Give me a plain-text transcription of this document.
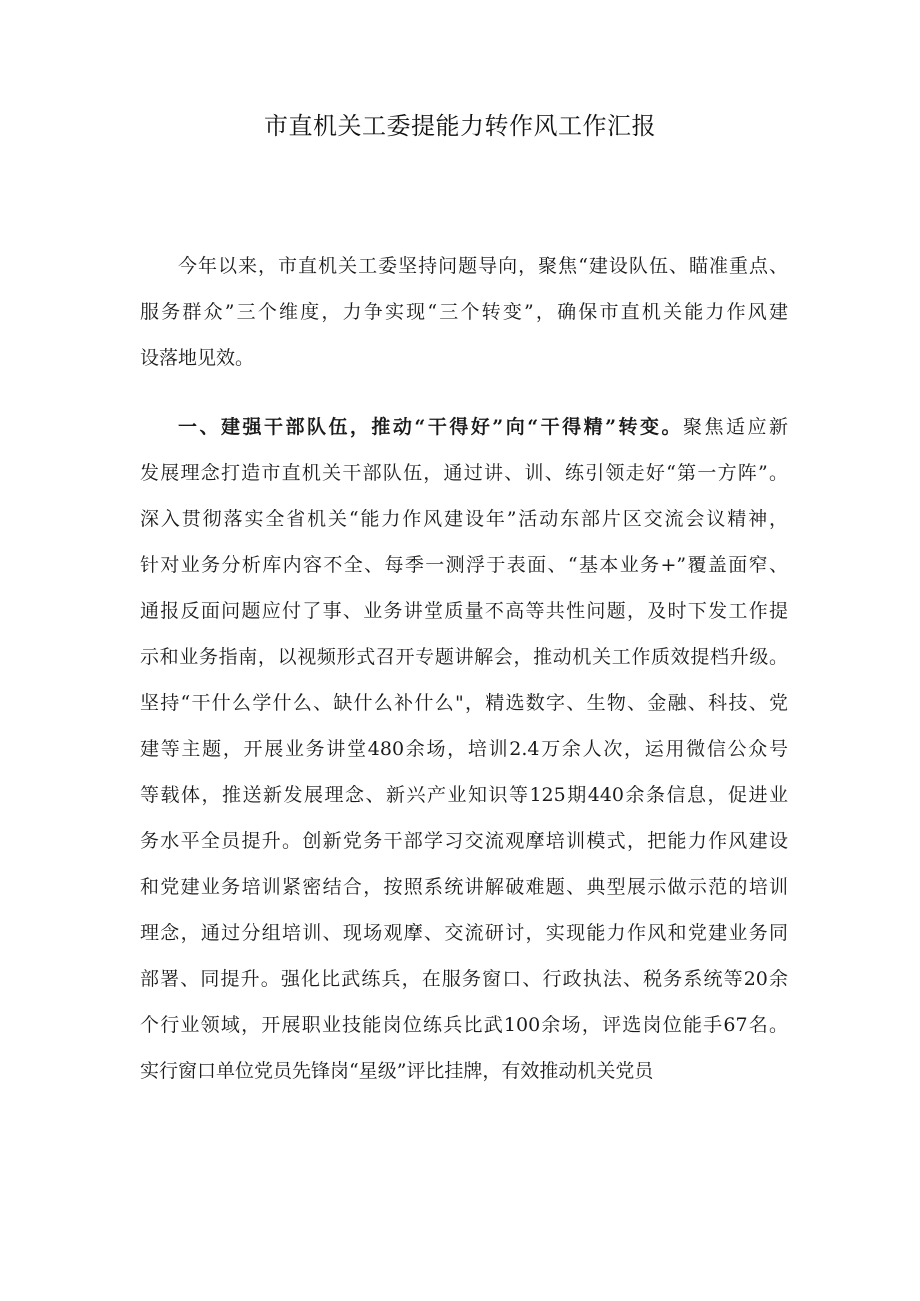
市直机关工委提能力转作风工作汇报
今年以来，市直机关工委坚持问题导向，聚焦“建设队伍、瞄准重点、
服务群众”三个维度，力争实现“三个转变”，确保市直机关能力作风建
设落地见效。
一、建强干部队伍，推动“干得好”向“干得精”转变。聚焦适应新
发展理念打造市直机关干部队伍，通过讲、训、练引领走好“第一方阵”。
深入贯彻落实全省机关“能力作风建设年”活动东部片区交流会议精神，
针对业务分析库内容不全、每季一测浮于表面、“基本业务+”覆盖面窄、
通报反面问题应付了事、业务讲堂质量不高等共性问题，及时下发工作提
示和业务指南，以视频形式召开专题讲解会，推动机关工作质效提档升级。
坚持“干什么学什么、缺什么补什么"，精选数字、生物、金融、科技、党
建等主题，开展业务讲堂480余场，培训2.4万余人次，运用微信公众号
等载体，推送新发展理念、新兴产业知识等125期440余条信息，促进业
务水平全员提升。创新党务干部学习交流观摩培训模式，把能力作风建设
和党建业务培训紧密结合，按照系统讲解破难题、典型展示做示范的培训
理念，通过分组培训、现场观摩、交流研讨，实现能力作风和党建业务同
部署、同提升。强化比武练兵，在服务窗口、行政执法、税务系统等20余
个行业领域，开展职业技能岗位练兵比武100余场，评选岗位能手67名。
实行窗口单位党员先锋岗“星级”评比挂牌，有效推动机关党员
